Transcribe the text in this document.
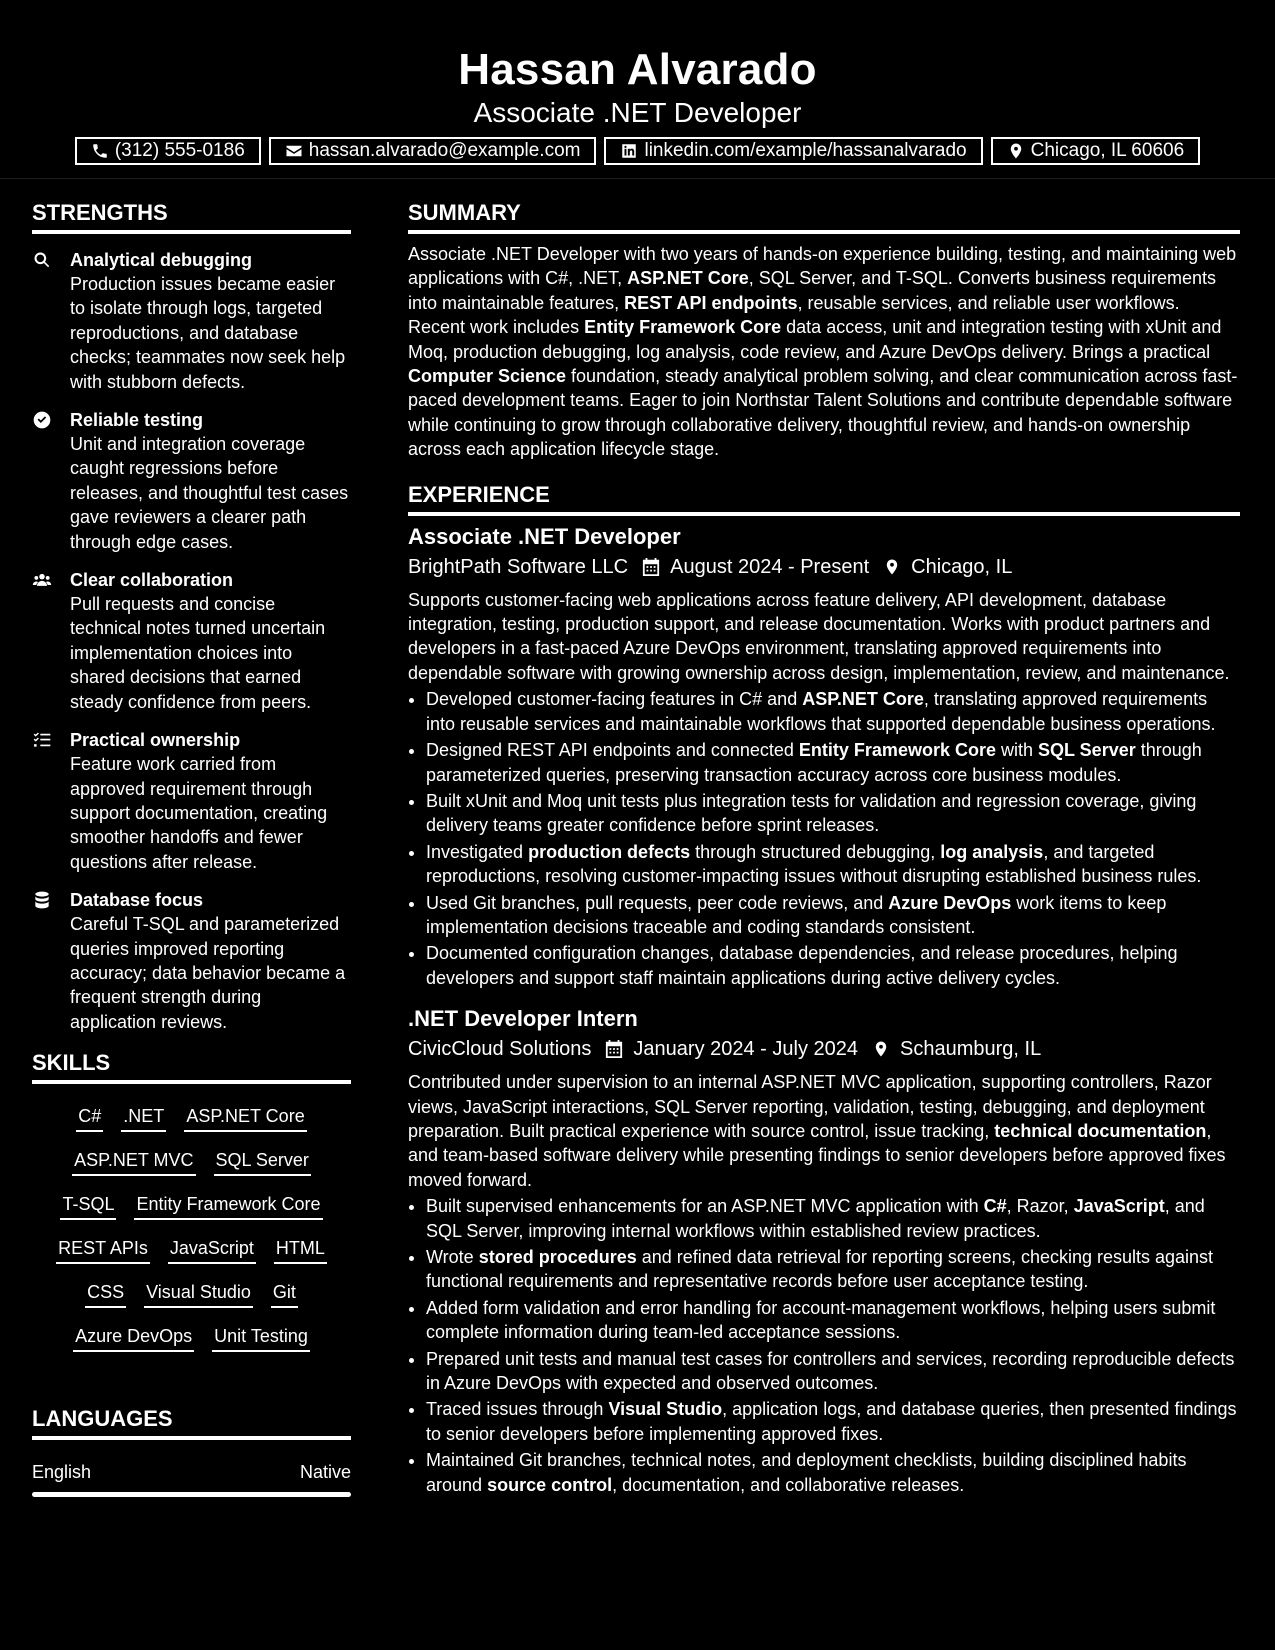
Hassan Alvarado
Associate .NET Developer
(312) 555-0186	hassan.alvarado@example.com	linkedin.com/example/hassanalvarado	Chicago, IL 60606
STRENGTHS
Analytical debugging
Production issues became easier to isolate through logs, targeted reproductions, and database checks; teammates now seek help with stubborn defects.
Reliable testing
Unit and integration coverage caught regressions before releases, and thoughtful test cases gave reviewers a clearer path through edge cases.
Clear collaboration
Pull requests and concise technical notes turned uncertain implementation choices into shared decisions that earned steady confidence from peers.
Practical ownership
Feature work carried from approved requirement through support documentation, creating smoother handoffs and fewer questions after release.
Database focus
Careful T-SQL and parameterized queries improved reporting accuracy; data behavior became a frequent strength during application reviews.
SKILLS
C# .NET ASP.NET Core
ASP.NET MVC SQL Server
T-SQL Entity Framework Core
REST APIs JavaScript HTML
CSS Visual Studio Git
Azure DevOps Unit Testing
LANGUAGES
English	Native
SUMMARY
Associate .NET Developer with two years of hands-on experience building, testing, and maintaining web applications with C#, .NET, ASP.NET Core, SQL Server, and T-SQL. Converts business requirements into maintainable features, REST API endpoints, reusable services, and reliable user workflows. Recent work includes Entity Framework Core data access, unit and integration testing with xUnit and Moq, production debugging, log analysis, code review, and Azure DevOps delivery. Brings a practical Computer Science foundation, steady analytical problem solving, and clear communication across fast-paced development teams. Eager to join Northstar Talent Solutions and contribute dependable software while continuing to grow through collaborative delivery, thoughtful review, and hands-on ownership across each application lifecycle stage.
EXPERIENCE
Associate .NET Developer
BrightPath Software LLC August 2024 - Present Chicago, IL
Supports customer-facing web applications across feature delivery, API development, database integration, testing, production support, and release documentation. Works with product partners and developers in a fast-paced Azure DevOps environment, translating approved requirements into dependable software with growing ownership across design, implementation, review, and maintenance.
• Developed customer-facing features in C# and ASP.NET Core, translating approved requirements into reusable services and maintainable workflows that supported dependable business operations.
• Designed REST API endpoints and connected Entity Framework Core with SQL Server through parameterized queries, preserving transaction accuracy across core business modules.
• Built xUnit and Moq unit tests plus integration tests for validation and regression coverage, giving delivery teams greater confidence before sprint releases.
• Investigated production defects through structured debugging, log analysis, and targeted reproductions, resolving customer-impacting issues without disrupting established business rules.
• Used Git branches, pull requests, peer code reviews, and Azure DevOps work items to keep implementation decisions traceable and coding standards consistent.
• Documented configuration changes, database dependencies, and release procedures, helping developers and support staff maintain applications during active delivery cycles.
.NET Developer Intern
CivicCloud Solutions January 2024 - July 2024 Schaumburg, IL
Contributed under supervision to an internal ASP.NET MVC application, supporting controllers, Razor views, JavaScript interactions, SQL Server reporting, validation, testing, debugging, and deployment preparation. Built practical experience with source control, issue tracking, technical documentation, and team-based software delivery while presenting findings to senior developers before approved fixes moved forward.
• Built supervised enhancements for an ASP.NET MVC application with C#, Razor, JavaScript, and SQL Server, improving internal workflows within established review practices.
• Wrote stored procedures and refined data retrieval for reporting screens, checking results against functional requirements and representative records before user acceptance testing.
• Added form validation and error handling for account-management workflows, helping users submit complete information during team-led acceptance sessions.
• Prepared unit tests and manual test cases for controllers and services, recording reproducible defects in Azure DevOps with expected and observed outcomes.
• Traced issues through Visual Studio, application logs, and database queries, then presented findings to senior developers before implementing approved fixes.
• Maintained Git branches, technical notes, and deployment checklists, building disciplined habits around source control, documentation, and collaborative releases.
